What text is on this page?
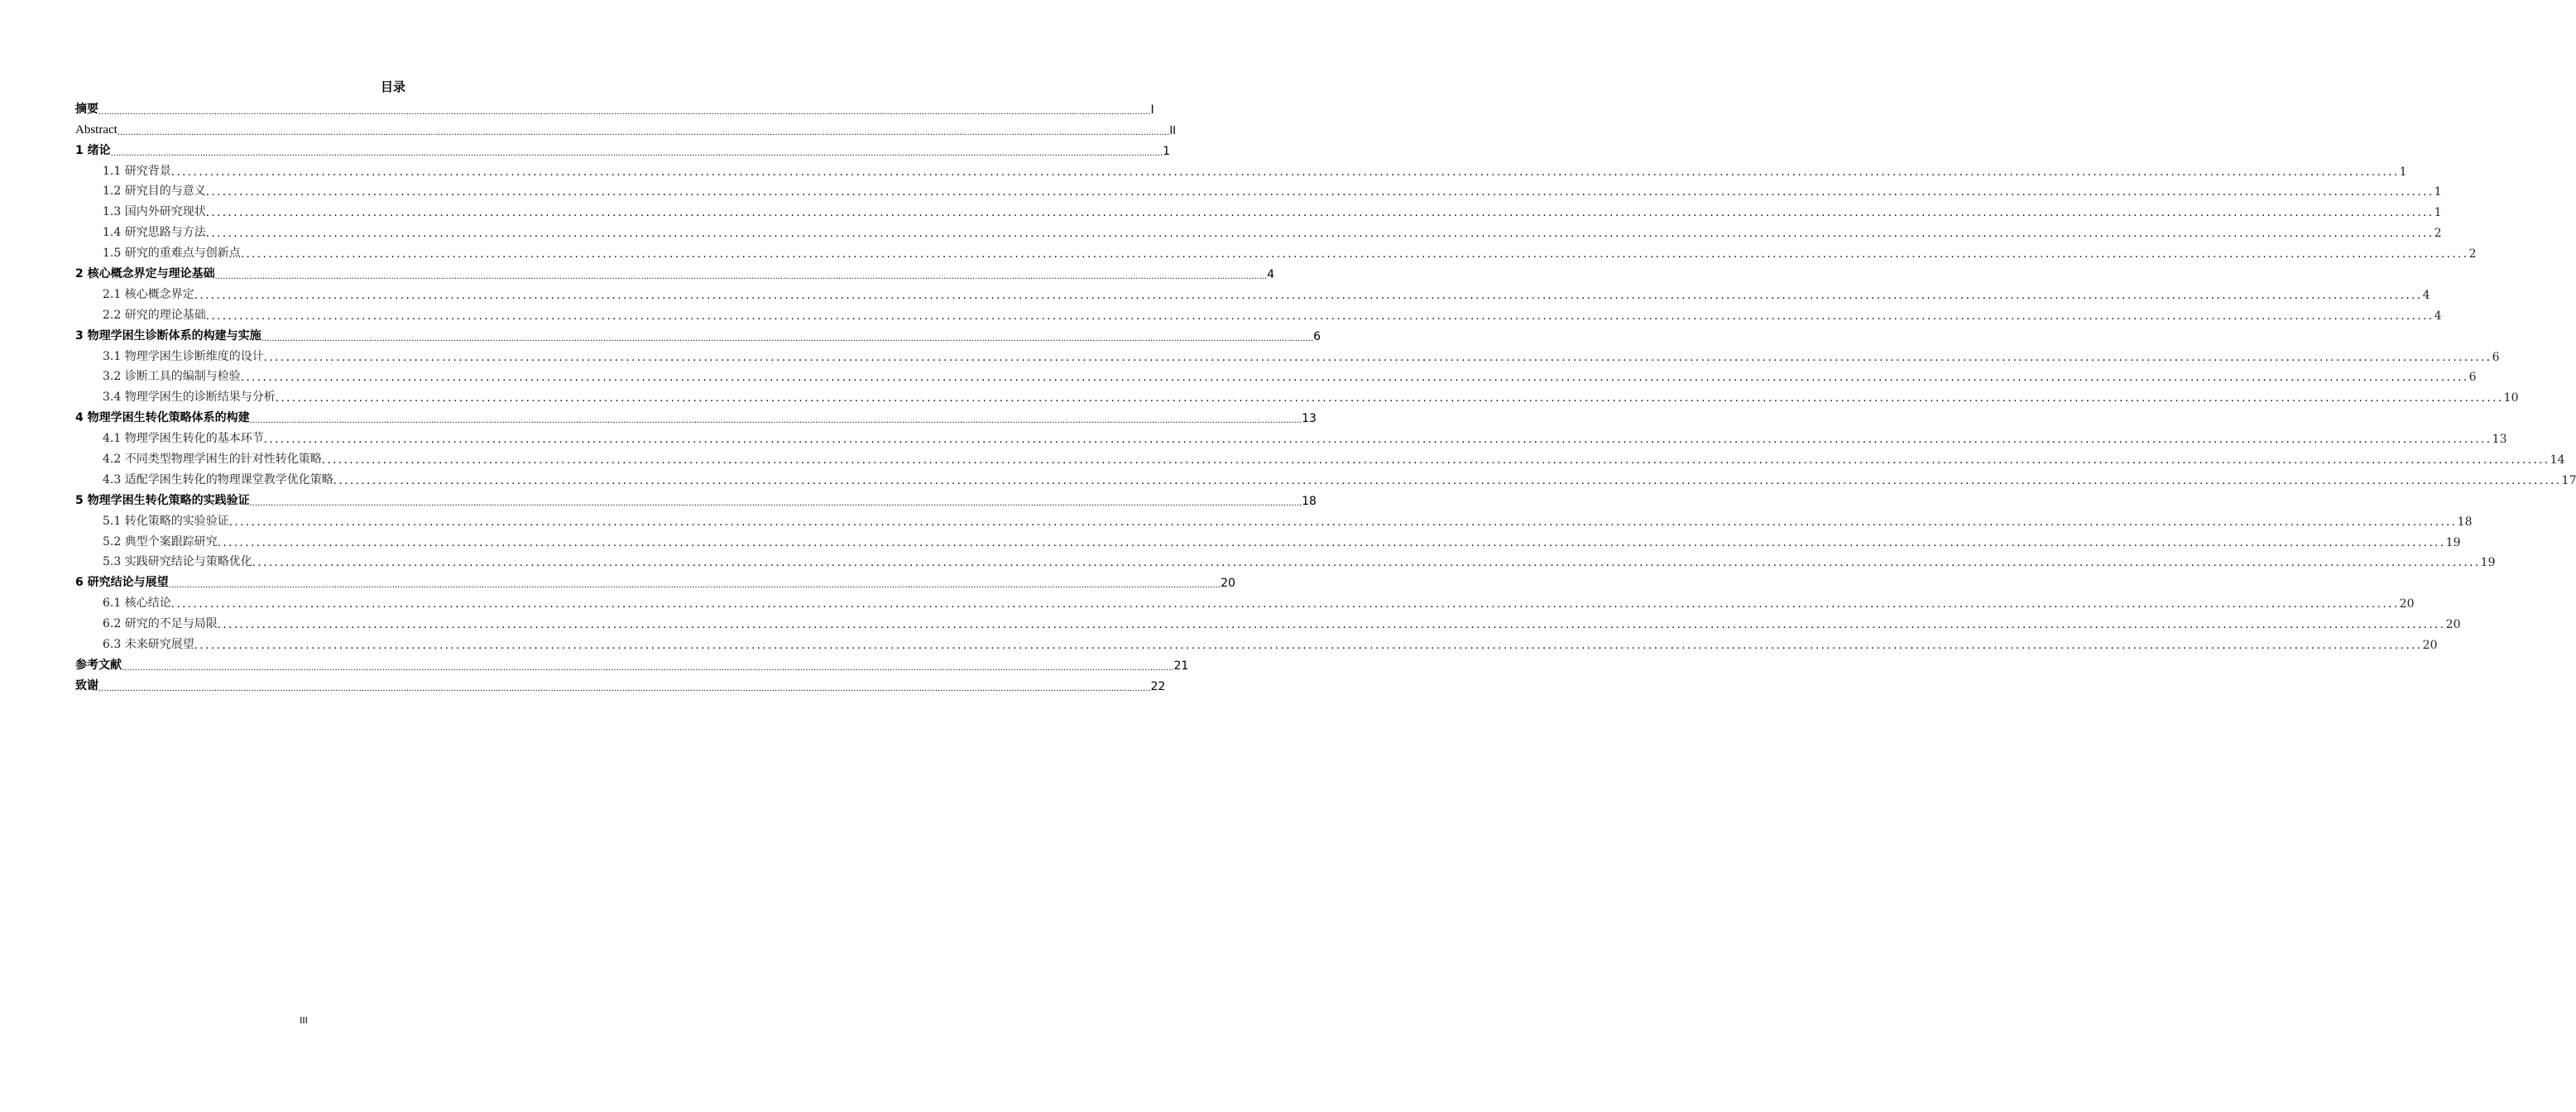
目录
摘要 ................................................................................................................................................................................................................................................................................................................................................................................................................ I
Abstract ................................................................................................................................................................................................................................................................................................................................................................................................................ II
1 绪论 ................................................................................................................................................................................................................................................................................................................................................................................................................ 1
1.1 研究背景 ................................................................................................................................................................................................................................................................................................................................................................................................................ 1
1.2 研究目的与意义 ................................................................................................................................................................................................................................................................................................................................................................................................................ 1
1.3 国内外研究现状 ................................................................................................................................................................................................................................................................................................................................................................................................................ 1
1.4 研究思路与方法 ................................................................................................................................................................................................................................................................................................................................................................................................................ 2
1.5 研究的重难点与创新点 ................................................................................................................................................................................................................................................................................................................................................................................................................ 2
2 核心概念界定与理论基础 ................................................................................................................................................................................................................................................................................................................................................................................................................ 4
2.1 核心概念界定 ................................................................................................................................................................................................................................................................................................................................................................................................................ 4
2.2 研究的理论基础 ................................................................................................................................................................................................................................................................................................................................................................................................................ 4
3 物理学困生诊断体系的构建与实施 ................................................................................................................................................................................................................................................................................................................................................................................................................ 6
3.1 物理学困生诊断维度的设计 ................................................................................................................................................................................................................................................................................................................................................................................................................ 6
3.2 诊断工具的编制与检验 ................................................................................................................................................................................................................................................................................................................................................................................................................ 6
3.4 物理学困生的诊断结果与分析 ................................................................................................................................................................................................................................................................................................................................................................................................................ 10
4 物理学困生转化策略体系的构建 ................................................................................................................................................................................................................................................................................................................................................................................................................ 13
4.1 物理学困生转化的基本环节 ................................................................................................................................................................................................................................................................................................................................................................................................................ 13
4.2 不同类型物理学困生的针对性转化策略 ................................................................................................................................................................................................................................................................................................................................................................................................................ 14
4.3 适配学困生转化的物理课堂教学优化策略 ................................................................................................................................................................................................................................................................................................................................................................................................................ 17
5 物理学困生转化策略的实践验证 ................................................................................................................................................................................................................................................................................................................................................................................................................ 18
5.1 转化策略的实验验证 ................................................................................................................................................................................................................................................................................................................................................................................................................ 18
5.2 典型个案跟踪研究 ................................................................................................................................................................................................................................................................................................................................................................................................................ 19
5.3 实践研究结论与策略优化 ................................................................................................................................................................................................................................................................................................................................................................................................................ 19
6 研究结论与展望 ................................................................................................................................................................................................................................................................................................................................................................................................................ 20
6.1 核心结论 ................................................................................................................................................................................................................................................................................................................................................................................................................ 20
6.2 研究的不足与局限 ................................................................................................................................................................................................................................................................................................................................................................................................................ 20
6.3 未来研究展望 ................................................................................................................................................................................................................................................................................................................................................................................................................ 20
参考文献 ................................................................................................................................................................................................................................................................................................................................................................................................................ 21
致谢 ................................................................................................................................................................................................................................................................................................................................................................................................................ 22
III
